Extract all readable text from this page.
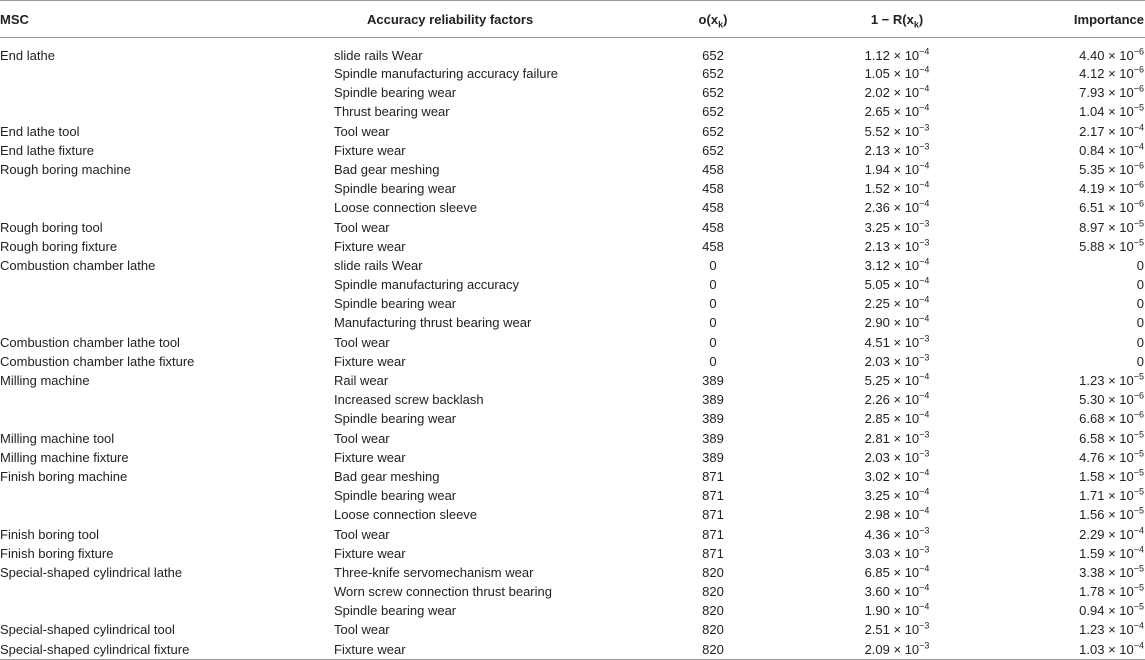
MSC	Accuracy reliability factors	$o(x_k)$	$1 - R(x_k)$	Importance
End lathe	slide rails Wear	652	$1.12 \times 10^{-4}$	$4.40 \times 10^{-6}$
	Spindle manufacturing accuracy failure	652	$1.05 \times 10^{-4}$	$4.12 \times 10^{-6}$
	Spindle bearing wear	652	$2.02 \times 10^{-4}$	$7.93 \times 10^{-6}$
	Thrust bearing wear	652	$2.65 \times 10^{-4}$	$1.04 \times 10^{-5}$
End lathe tool	Tool wear	652	$5.52 \times 10^{-3}$	$2.17 \times 10^{-4}$
End lathe fixture	Fixture wear	652	$2.13 \times 10^{-3}$	$0.84 \times 10^{-4}$
Rough boring machine	Bad gear meshing	458	$1.94 \times 10^{-4}$	$5.35 \times 10^{-6}$
	Spindle bearing wear	458	$1.52 \times 10^{-4}$	$4.19 \times 10^{-6}$
	Loose connection sleeve	458	$2.36 \times 10^{-4}$	$6.51 \times 10^{-6}$
Rough boring tool	Tool wear	458	$3.25 \times 10^{-3}$	$8.97 \times 10^{-5}$
Rough boring fixture	Fixture wear	458	$2.13 \times 10^{-3}$	$5.88 \times 10^{-5}$
Combustion chamber lathe	slide rails Wear	0	$3.12 \times 10^{-4}$	0
	Spindle manufacturing accuracy	0	$5.05 \times 10^{-4}$	0
	Spindle bearing wear	0	$2.25 \times 10^{-4}$	0
	Manufacturing thrust bearing wear	0	$2.90 \times 10^{-4}$	0
Combustion chamber lathe tool	Tool wear	0	$4.51 \times 10^{-3}$	0
Combustion chamber lathe fixture	Fixture wear	0	$2.03 \times 10^{-3}$	0
Milling machine	Rail wear	389	$5.25 \times 10^{-4}$	$1.23 \times 10^{-5}$
	Increased screw backlash	389	$2.26 \times 10^{-4}$	$5.30 \times 10^{-6}$
	Spindle bearing wear	389	$2.85 \times 10^{-4}$	$6.68 \times 10^{-6}$
Milling machine tool	Tool wear	389	$2.81 \times 10^{-3}$	$6.58 \times 10^{-5}$
Milling machine fixture	Fixture wear	389	$2.03 \times 10^{-3}$	$4.76 \times 10^{-5}$
Finish boring machine	Bad gear meshing	871	$3.02 \times 10^{-4}$	$1.58 \times 10^{-5}$
	Spindle bearing wear	871	$3.25 \times 10^{-4}$	$1.71 \times 10^{-5}$
	Loose connection sleeve	871	$2.98 \times 10^{-4}$	$1.56 \times 10^{-5}$
Finish boring tool	Tool wear	871	$4.36 \times 10^{-3}$	$2.29 \times 10^{-4}$
Finish boring fixture	Fixture wear	871	$3.03 \times 10^{-3}$	$1.59 \times 10^{-4}$
Special-shaped cylindrical lathe	Three-knife servomechanism wear	820	$6.85 \times 10^{-4}$	$3.38 \times 10^{-5}$
	Worn screw connection thrust bearing	820	$3.60 \times 10^{-4}$	$1.78 \times 10^{-5}$
	Spindle bearing wear	820	$1.90 \times 10^{-4}$	$0.94 \times 10^{-5}$
Special-shaped cylindrical tool	Tool wear	820	$2.51 \times 10^{-3}$	$1.23 \times 10^{-4}$
Special-shaped cylindrical fixture	Fixture wear	820	$2.09 \times 10^{-3}$	$1.03 \times 10^{-4}$
